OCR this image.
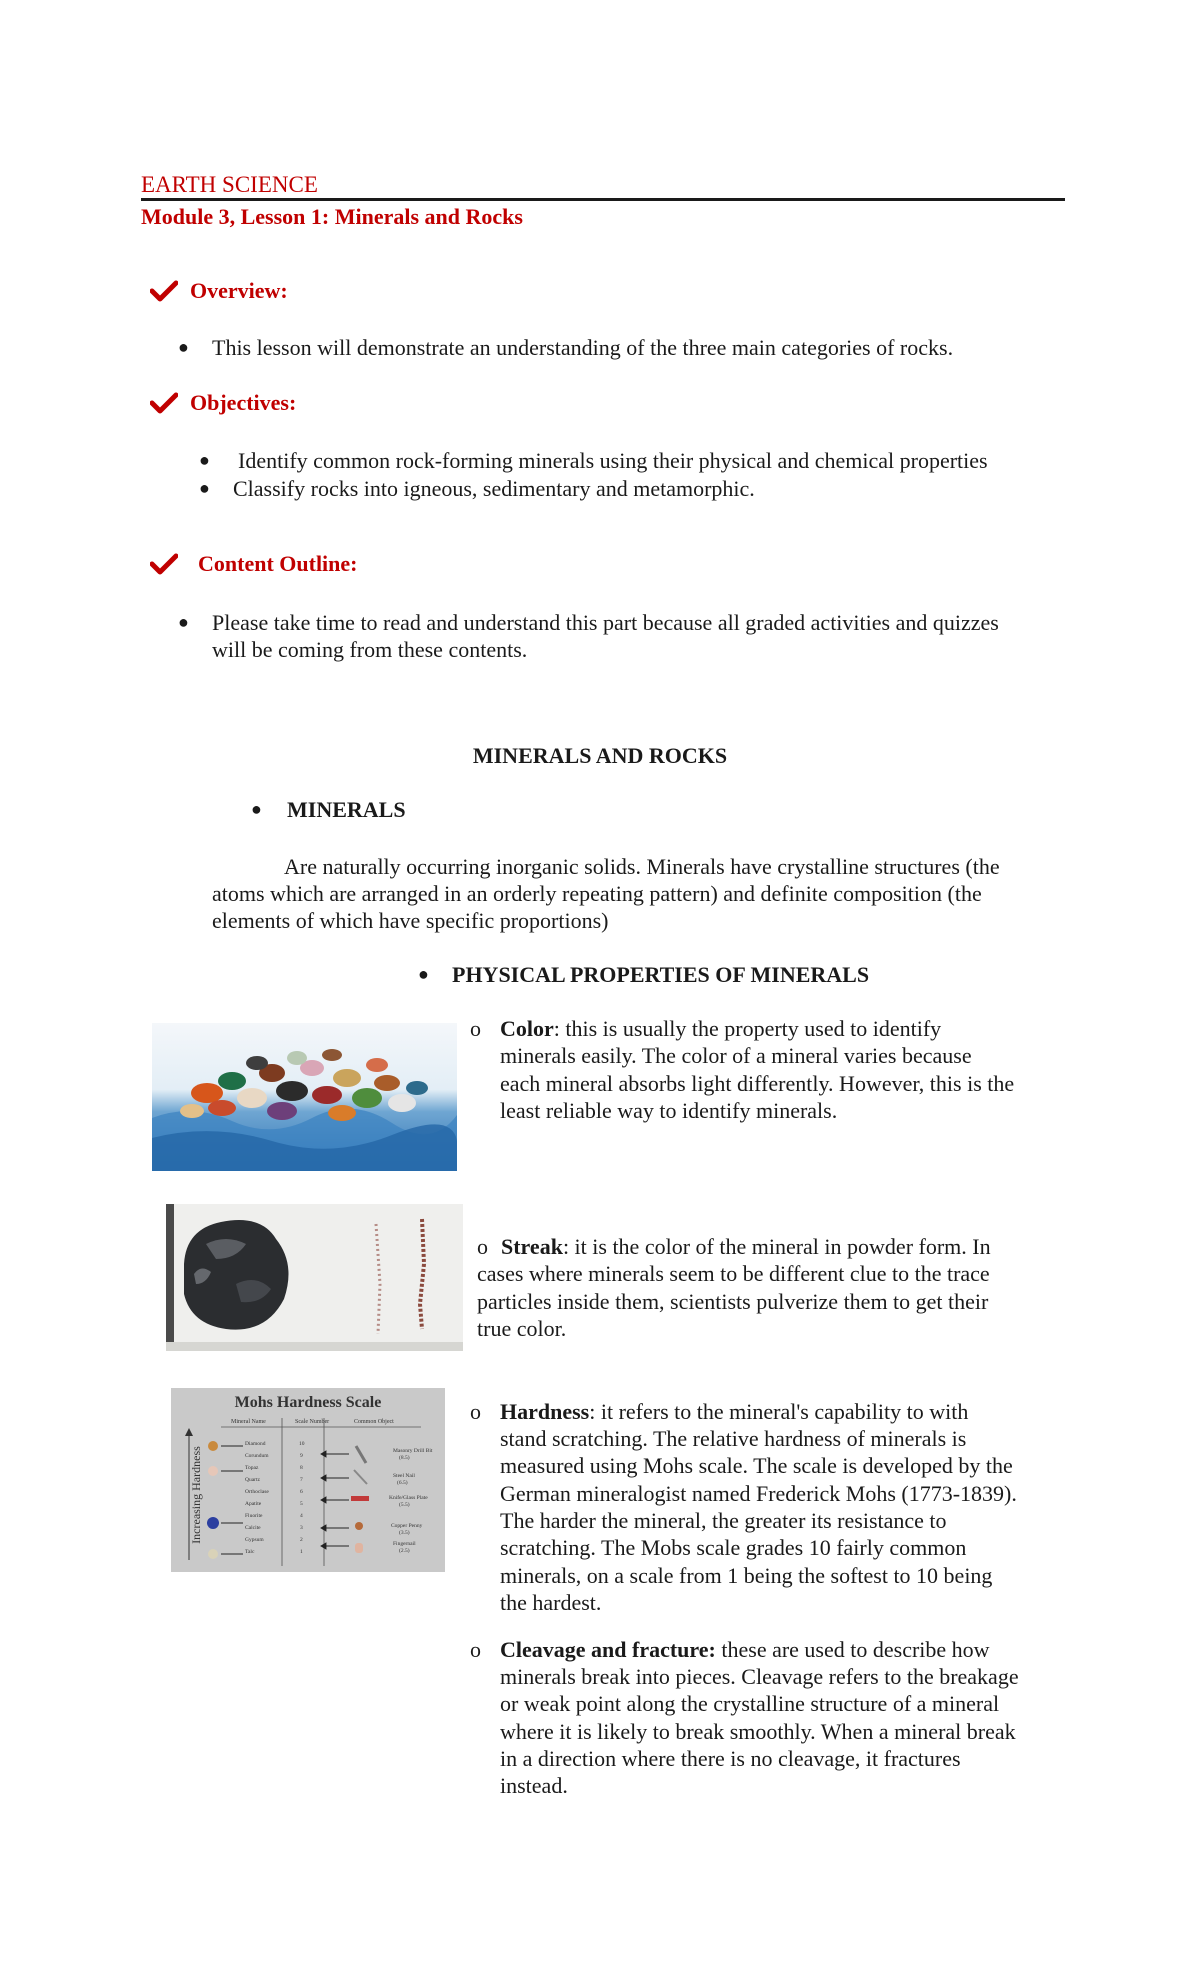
EARTH SCIENCE
Module 3, Lesson 1: Minerals and Rocks
Overview:
● This lesson will demonstrate an understanding of the three main categories of rocks.
Objectives:
● Identify common rock-forming minerals using their physical and chemical properties
● Classify rocks into igneous, sedimentary and metamorphic.
Content Outline:
● Please take time to read and understand this part because all graded activities and quizzes
will be coming from these contents.
MINERALS AND ROCKS
● MINERALS
Are naturally occurring inorganic solids. Minerals have crystalline structures (the
atoms which are arranged in an orderly repeating pattern) and definite composition (the
elements of which have specific proportions)
● PHYSICAL PROPERTIES OF MINERALS
o Color: this is usually the property used to identify
minerals easily. The color of a mineral varies because
each mineral absorbs light differently. However, this is the
least reliable way to identify minerals.
o Streak: it is the color of the mineral in powder form. In
cases where minerals seem to be different clue to the trace
particles inside them, scientists pulverize them to get their
true color.
Mohs Hardness Scale
Mineral Name	Scale Number	Common Object
Diamond
Corundum
Topaz
Quartz
Orthoclase
Apatite
Fluorite
Calcite
Gypsum
Talc
10
9
8
7
6
5
4
3
2
1
Masonry Drill Bit
(8.5)
Steel Nail
(6.5)
Knife/Glass Plate
(5.5)
Copper Penny
(3.5)
Fingernail
(2.5)
Increasing Hardness
o Hardness: it refers to the mineral's capability to with
stand scratching. The relative hardness of minerals is
measured using Mohs scale. The scale is developed by the
German mineralogist named Frederick Mohs (1773-1839).
The harder the mineral, the greater its resistance to
scratching. The Mobs scale grades 10 fairly common
minerals, on a scale from 1 being the softest to 10 being
the hardest.
o Cleavage and fracture: these are used to describe how
minerals break into pieces. Cleavage refers to the breakage
or weak point along the crystalline structure of a mineral
where it is likely to break smoothly. When a mineral break
in a direction where there is no cleavage, it fractures
instead.
